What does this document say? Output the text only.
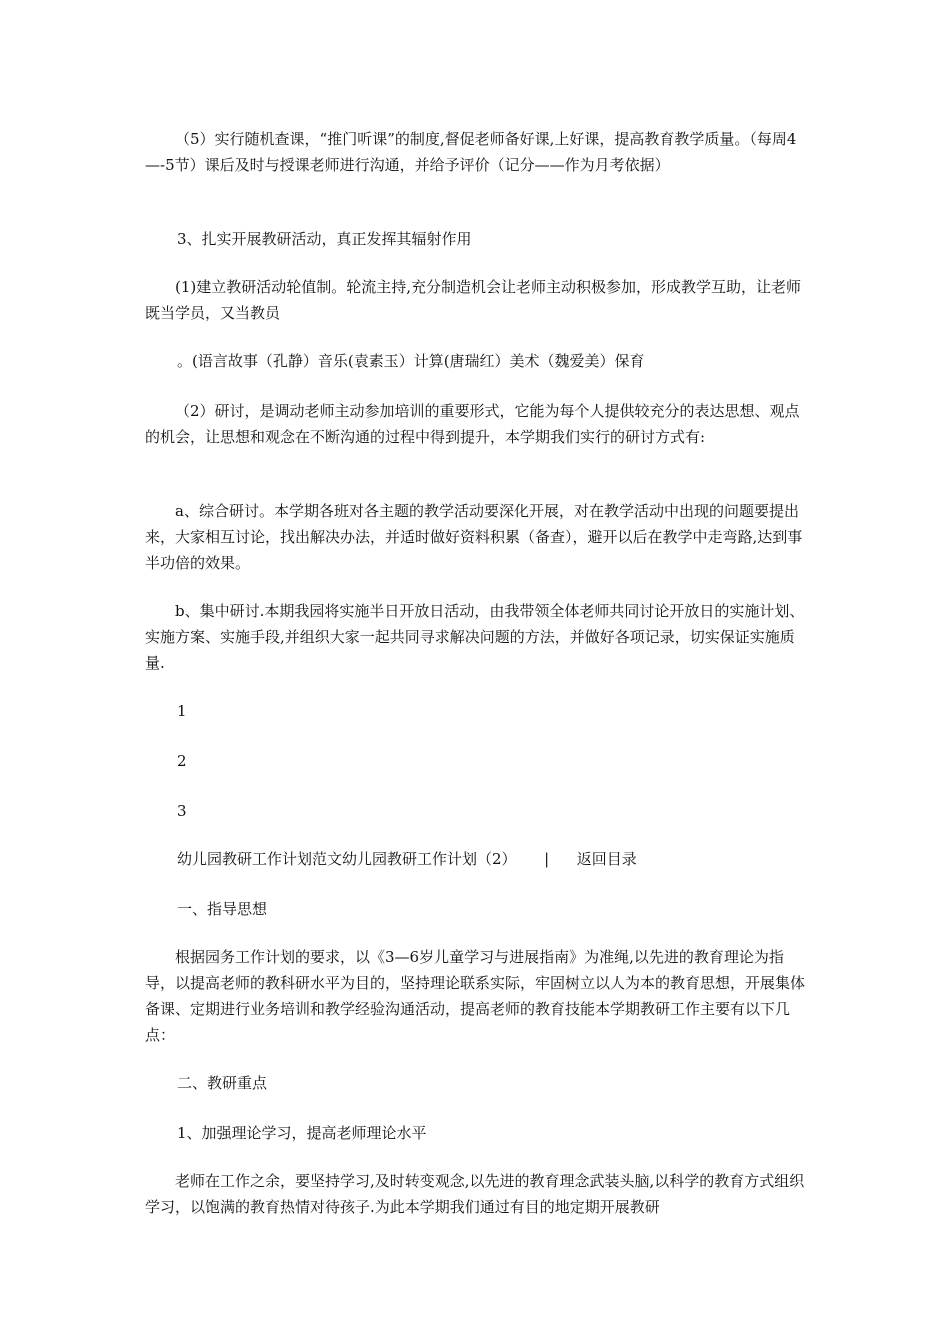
（5）实行随机查课，“推门听课”的制度,督促老师备好课,上好课，提高教育教学质量。（每周4—-5节）课后及时与授课老师进行沟通，并给予评价（记分——作为月考依据）

3、扎实开展教研活动，真正发挥其辐射作用

(1)建立教研活动轮值制。轮流主持,充分制造机会让老师主动积极参加，形成教学互助，让老师既当学员，又当教员

。(语言故事（孔静）音乐(袁素玉）计算(唐瑞红）美术（魏爱美）保育

（2）研讨，是调动老师主动参加培训的重要形式，它能为每个人提供较充分的表达思想、观点的机会，让思想和观念在不断沟通的过程中得到提升，本学期我们实行的研讨方式有:

a、综合研讨。本学期各班对各主题的教学活动要深化开展，对在教学活动中出现的问题要提出来，大家相互讨论，找出解决办法，并适时做好资料积累（备查），避开以后在教学中走弯路,达到事半功倍的效果。

b、集中研讨.本期我园将实施半日开放日活动，由我带领全体老师共同讨论开放日的实施计划、实施方案、实施手段,并组织大家一起共同寻求解决问题的方法，并做好各项记录，切实保证实施质量.

1

2

3

幼儿园教研工作计划范文幼儿园教研工作计划（2） | 返回目录

一、指导思想

根据园务工作计划的要求，以《3—6岁儿童学习与进展指南》为准绳,以先进的教育理论为指导，以提高老师的教科研水平为目的，坚持理论联系实际，牢固树立以人为本的教育思想，开展集体备课、定期进行业务培训和教学经验沟通活动，提高老师的教育技能本学期教研工作主要有以下几点：

二、教研重点

1、加强理论学习，提高老师理论水平

老师在工作之余，要坚持学习,及时转变观念,以先进的教育理念武装头脑,以科学的教育方式组织学习，以饱满的教育热情对待孩子.为此本学期我们通过有目的地定期开展教研
